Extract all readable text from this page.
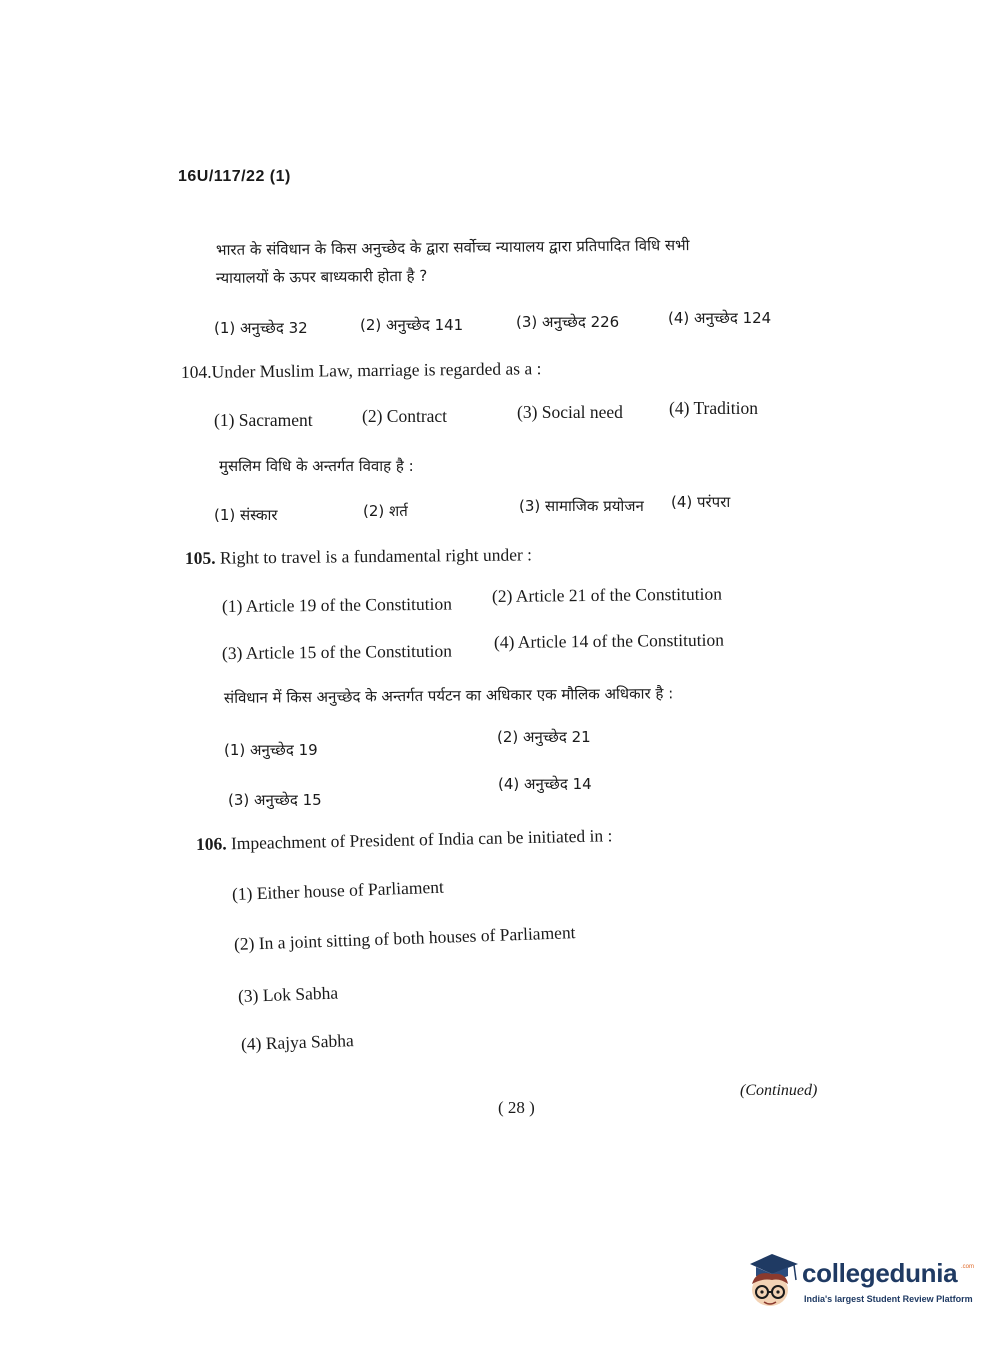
16U/117/22 (1)
भारत के संविधान के किस अनुच्छेद के द्वारा सर्वोच्च न्यायालय द्वारा प्रतिपादित विधि सभी
न्यायालयों के ऊपर बाध्यकारी होता है ?
(1) अनुच्छेद 32	(2) अनुच्छेद 141	(3) अनुच्छेद 226	(4) अनुच्छेद 124
104.Under Muslim Law, marriage is regarded as a :
(1) Sacrament	(2) Contract	(3) Social need	(4) Tradition
मुसलिम विधि के अन्तर्गत विवाह है :
(1) संस्कार	(2) शर्त	(3) सामाजिक प्रयोजन (4) परंपरा
105. Right to travel is a fundamental right under :
(1) Article 19 of the Constitution (2) Article 21 of the Constitution
(3) Article 15 of the Constitution (4) Article 14 of the Constitution
संविधान में किस अनुच्छेद के अन्तर्गत पर्यटन का अधिकार एक मौलिक अधिकार है :
(1) अनुच्छेद 19
(2) अनुच्छेद 21
(3) अनुच्छेद 15
(4) अनुच्छेद 14
106. Impeachment of President of India can be initiated in :
(1) Either house of Parliament
(2) In a joint sitting of both houses of Parliament
(3) Lok Sabha
(4) Rajya Sabha
(Continued)
( 28 )
collegedunia .com
India's largest Student Review Platform
